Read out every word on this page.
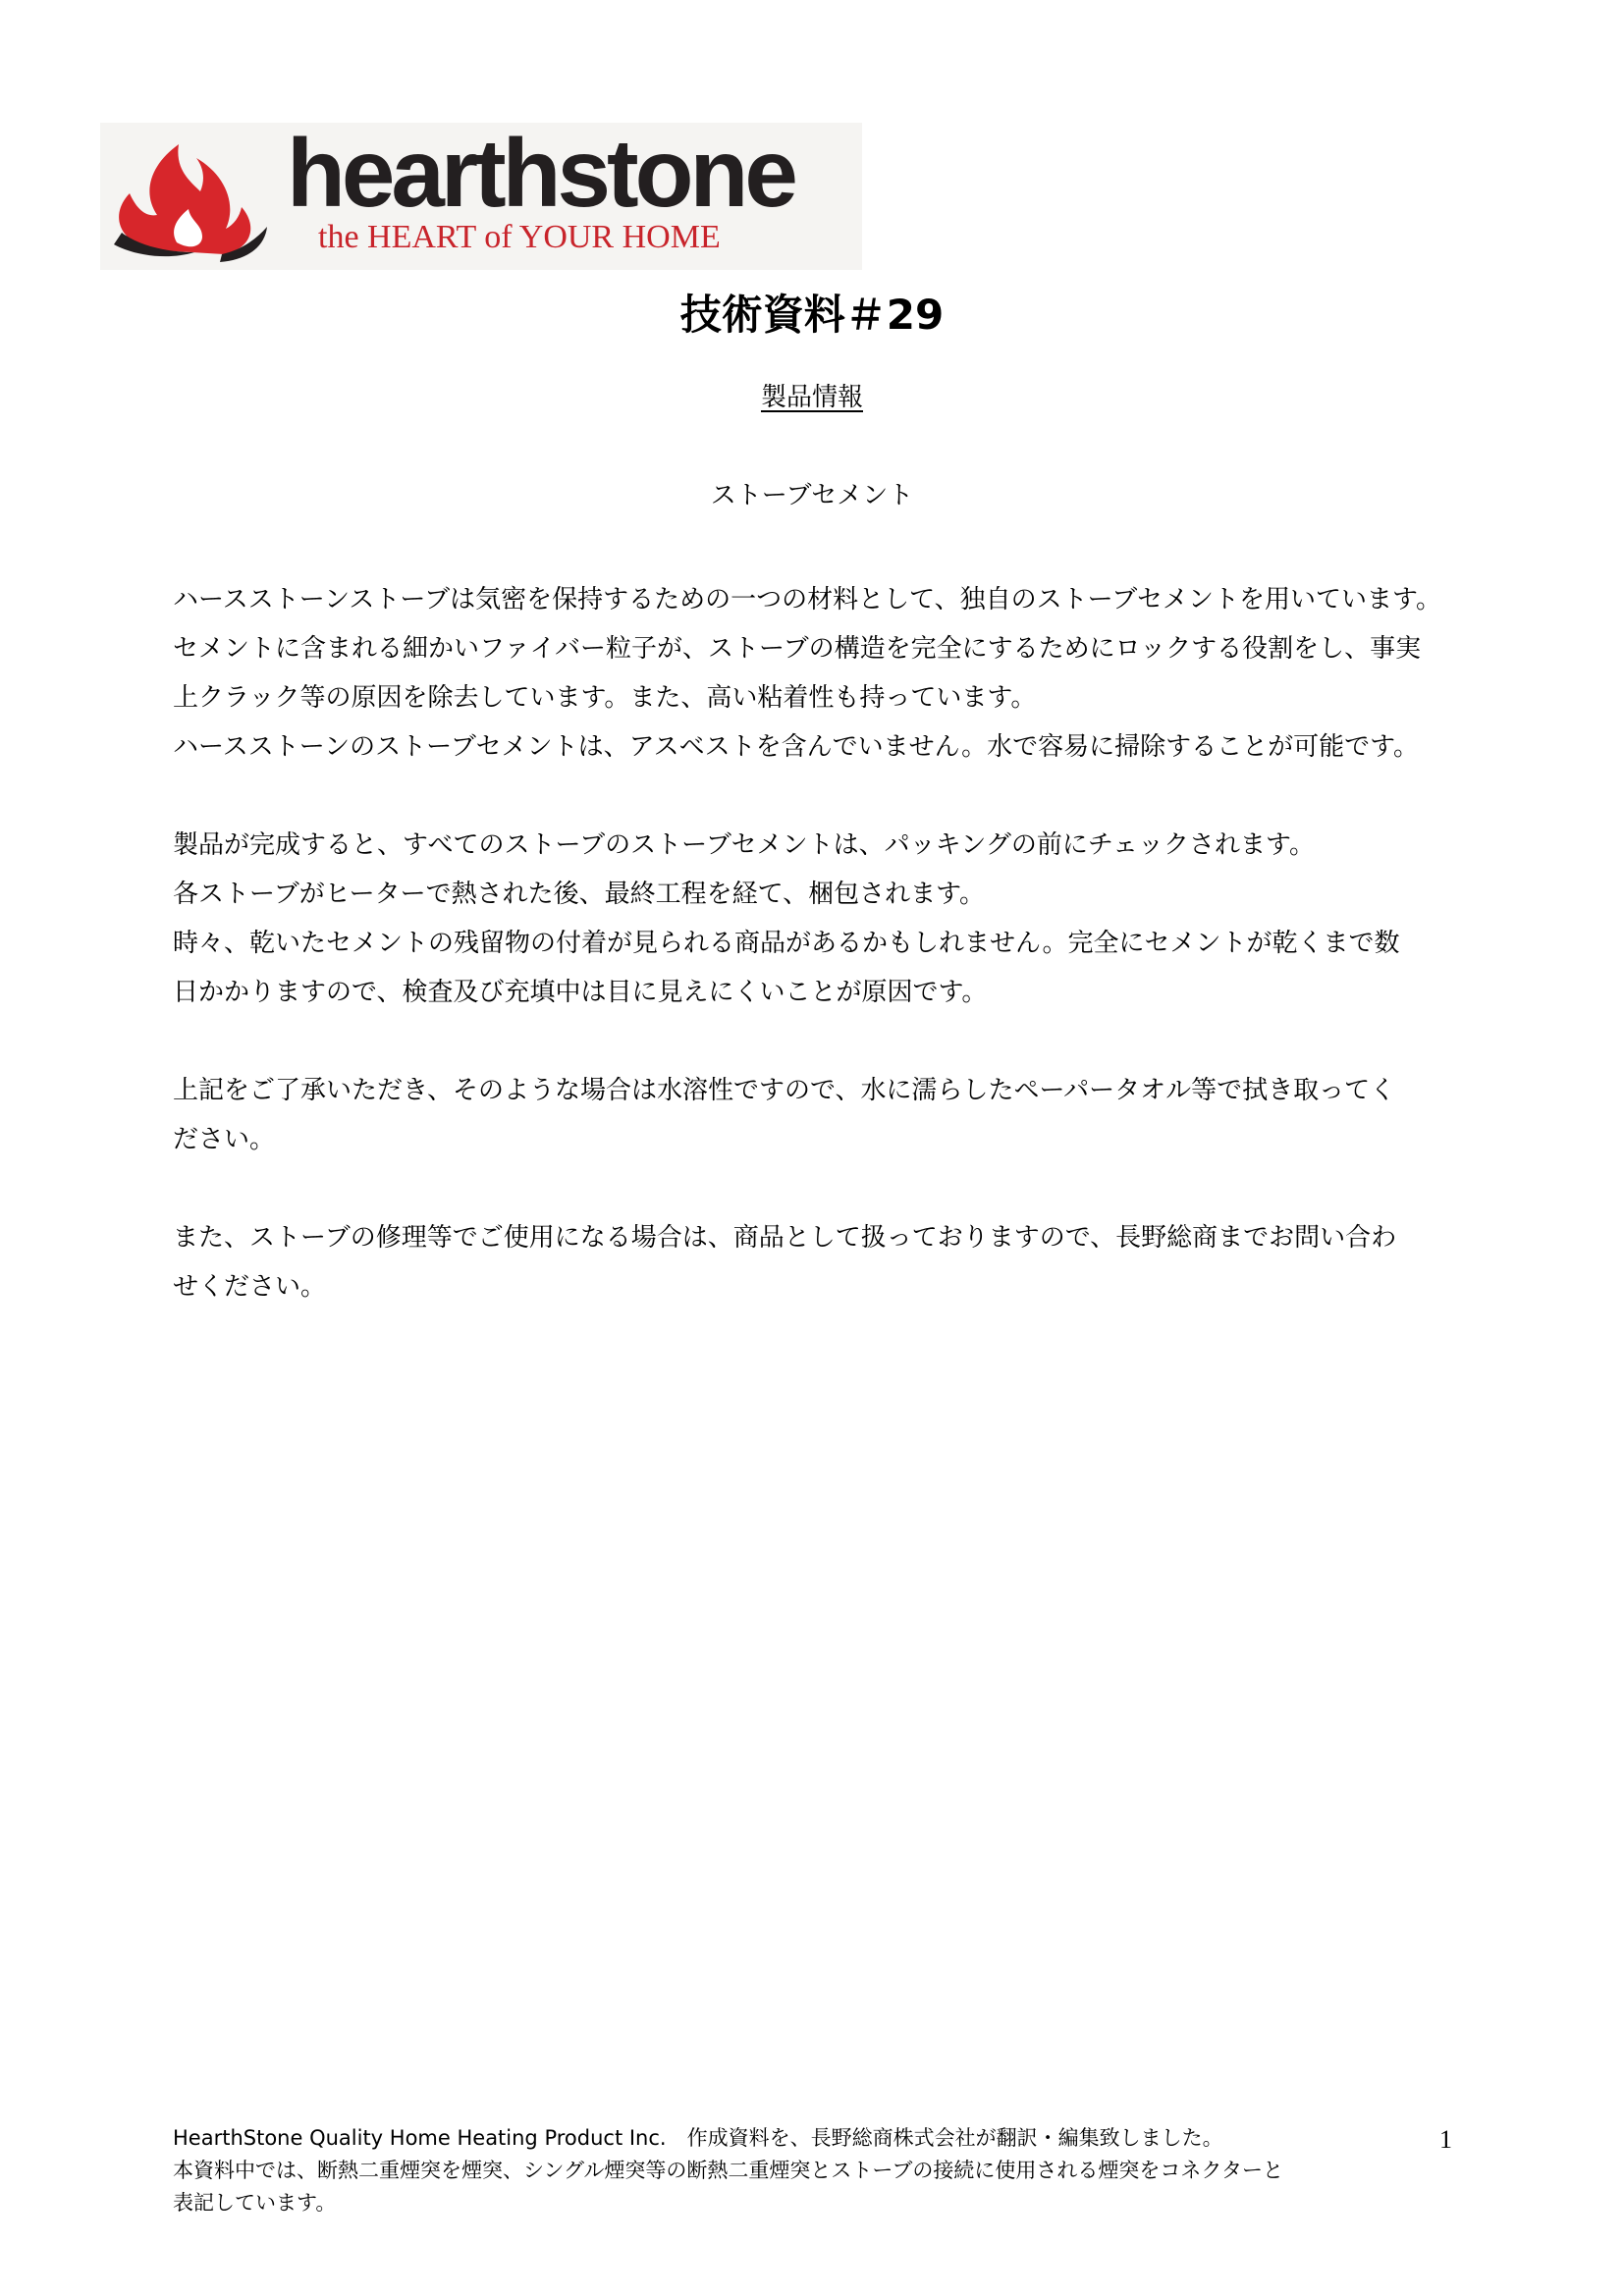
hearthstone
the HEART of YOUR HOME
技術資料＃29
製品情報
ストーブセメント
ハースストーンストーブは気密を保持するための一つの材料として、独自のストーブセメントを用いています。
セメントに含まれる細かいファイバー粒子が、ストーブの構造を完全にするためにロックする役割をし、事実
上クラック等の原因を除去しています。また、高い粘着性も持っています。
ハースストーンのストーブセメントは、アスベストを含んでいません。水で容易に掃除することが可能です。
製品が完成すると、すべてのストーブのストーブセメントは、パッキングの前にチェックされます。
各ストーブがヒーターで熱された後、最終工程を経て、梱包されます。
時々、乾いたセメントの残留物の付着が見られる商品があるかもしれません。完全にセメントが乾くまで数
日かかりますので、検査及び充填中は目に見えにくいことが原因です。
上記をご了承いただき、そのような場合は水溶性ですので、水に濡らしたペーパータオル等で拭き取ってく
ださい。
また、ストーブの修理等でご使用になる場合は、商品として扱っておりますので、長野総商までお問い合わ
せください。
HearthStone Quality Home Heating Product Inc.　作成資料を、長野総商株式会社が翻訳・編集致しました。
本資料中では、断熱二重煙突を煙突、シングル煙突等の断熱二重煙突とストーブの接続に使用される煙突をコネクターと
表記しています。
1
